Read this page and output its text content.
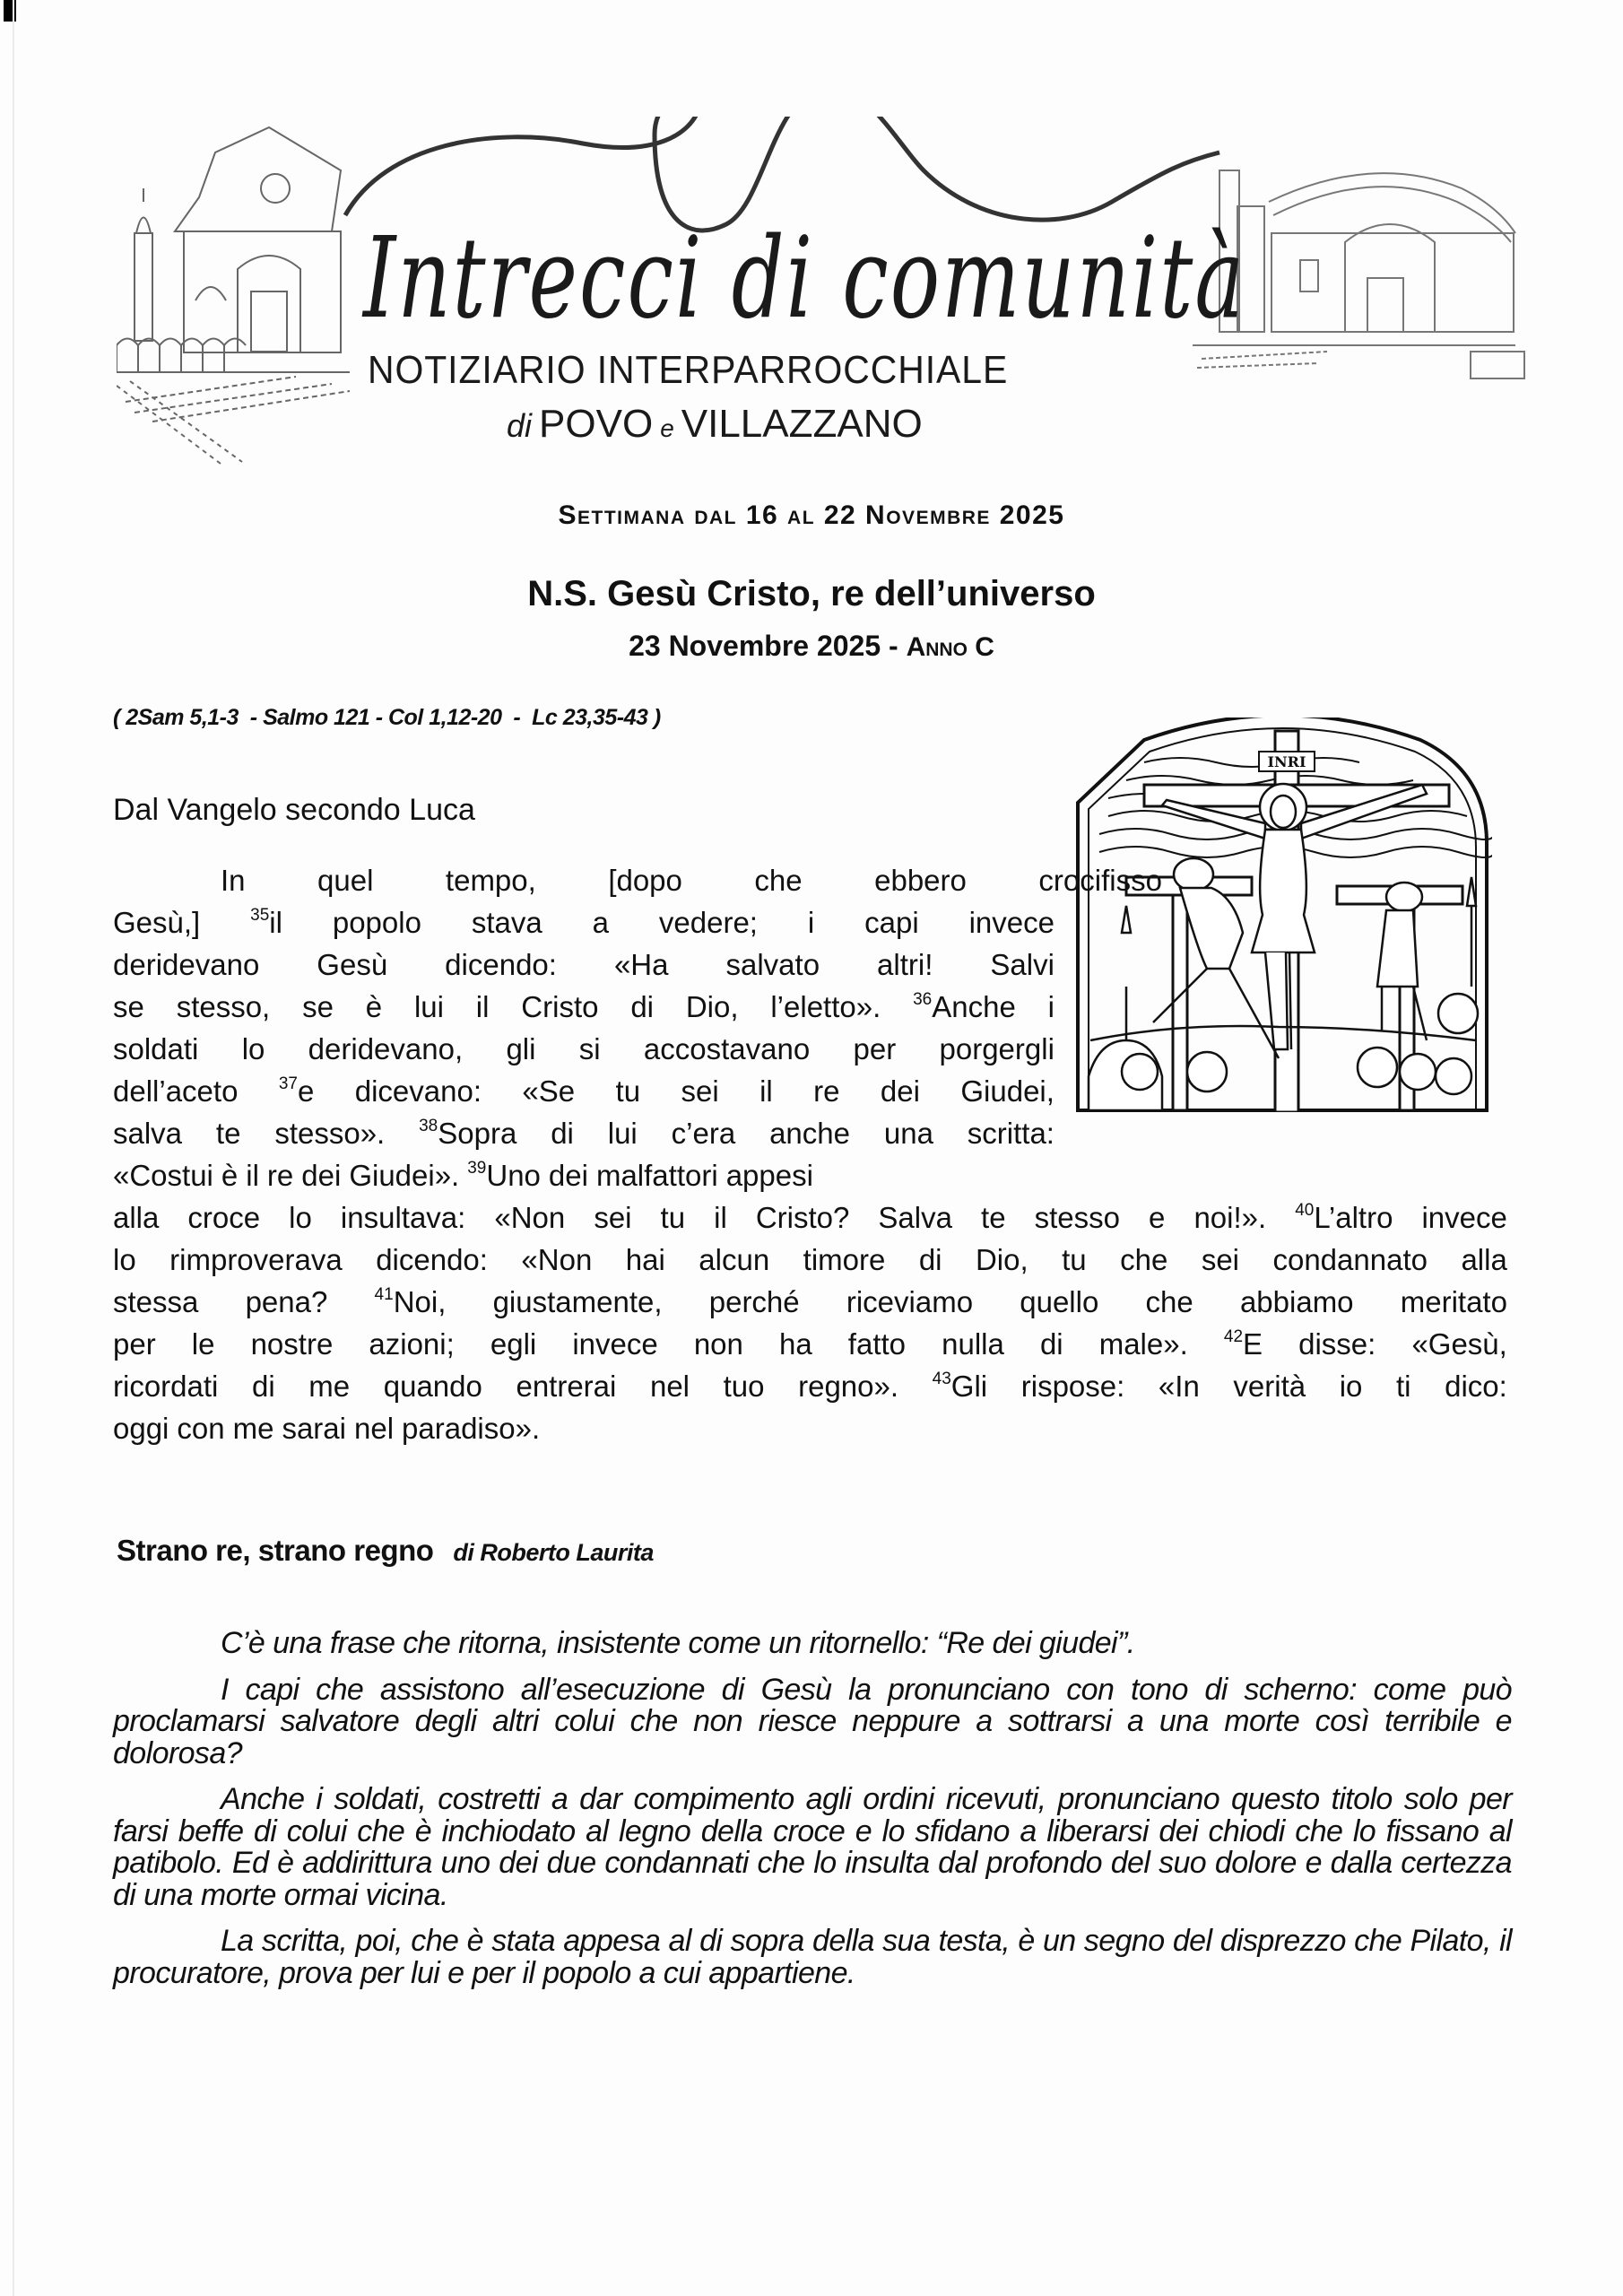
Intrecci di comunità
NOTIZIARIO INTERPARROCCHIALE
di POVO e VILLAZZANO
Settimana dal 16 al 22 Novembre 2025
N.S. Gesù Cristo, re dell’universo
23 Novembre 2025 - Anno C
( 2Sam 5,1-3  - Salmo 121 - Col 1,12-20  -  Lc 23,35-43 )
INRI
Dal Vangelo secondo Luca
In quel tempo, [dopo che ebbero crocifisso
Gesù,]	$^{35}$il popolo stava a vedere; i capi invece
deridevano Gesù dicendo: «Ha salvato altri! Salvi
se stesso, se è lui il Cristo di Dio, l’eletto». $^{36}$Anche i
soldati lo deridevano, gli si accostavano per porgergli
dell’aceto $^{37}$e dicevano: «Se tu sei il re dei Giudei,
salva te stesso». $^{38}$Sopra di lui c’era anche una scritta:
«Costui è il re dei Giudei». $^{39}$Uno dei malfattori appesi
alla croce lo insultava: «Non sei tu il Cristo? Salva te stesso e noi!». $^{40}$L’altro invece
lo rimproverava dicendo: «Non hai alcun timore di Dio, tu che sei condannato alla
stessa pena?	$^{41}$Noi, giustamente, perché riceviamo quello che abbiamo meritato
per le nostre azioni; egli invece non ha fatto nulla di male». $^{42}$E disse: «Gesù,
ricordati di me quando entrerai nel tuo regno». $^{43}$Gli rispose: «In verità io ti dico:
oggi con me sarai nel paradiso».
Strano re, strano regno di Roberto Laurita

C’è una frase che ritorna, insistente come un ritornello: “Re dei giudei”.

I capi che assistono all’esecuzione di Gesù la pronunciano con tono di scherno: come può proclamarsi salvatore degli altri colui che non riesce neppure a sottrarsi a una morte così terribile e dolorosa?

Anche i soldati, costretti a dar compimento agli ordini ricevuti, pronunciano questo titolo solo per farsi beffe di colui che è inchiodato al legno della croce e lo sfidano a liberarsi dei chiodi che lo fissano al patibolo. Ed è addirittura uno dei due condannati che lo insulta dal profondo del suo dolore e dalla certezza di una morte ormai vicina.

La scritta, poi, che è stata appesa al di sopra della sua testa, è un segno del disprezzo che Pilato, il procuratore, prova per lui e per il popolo a cui appartiene.
